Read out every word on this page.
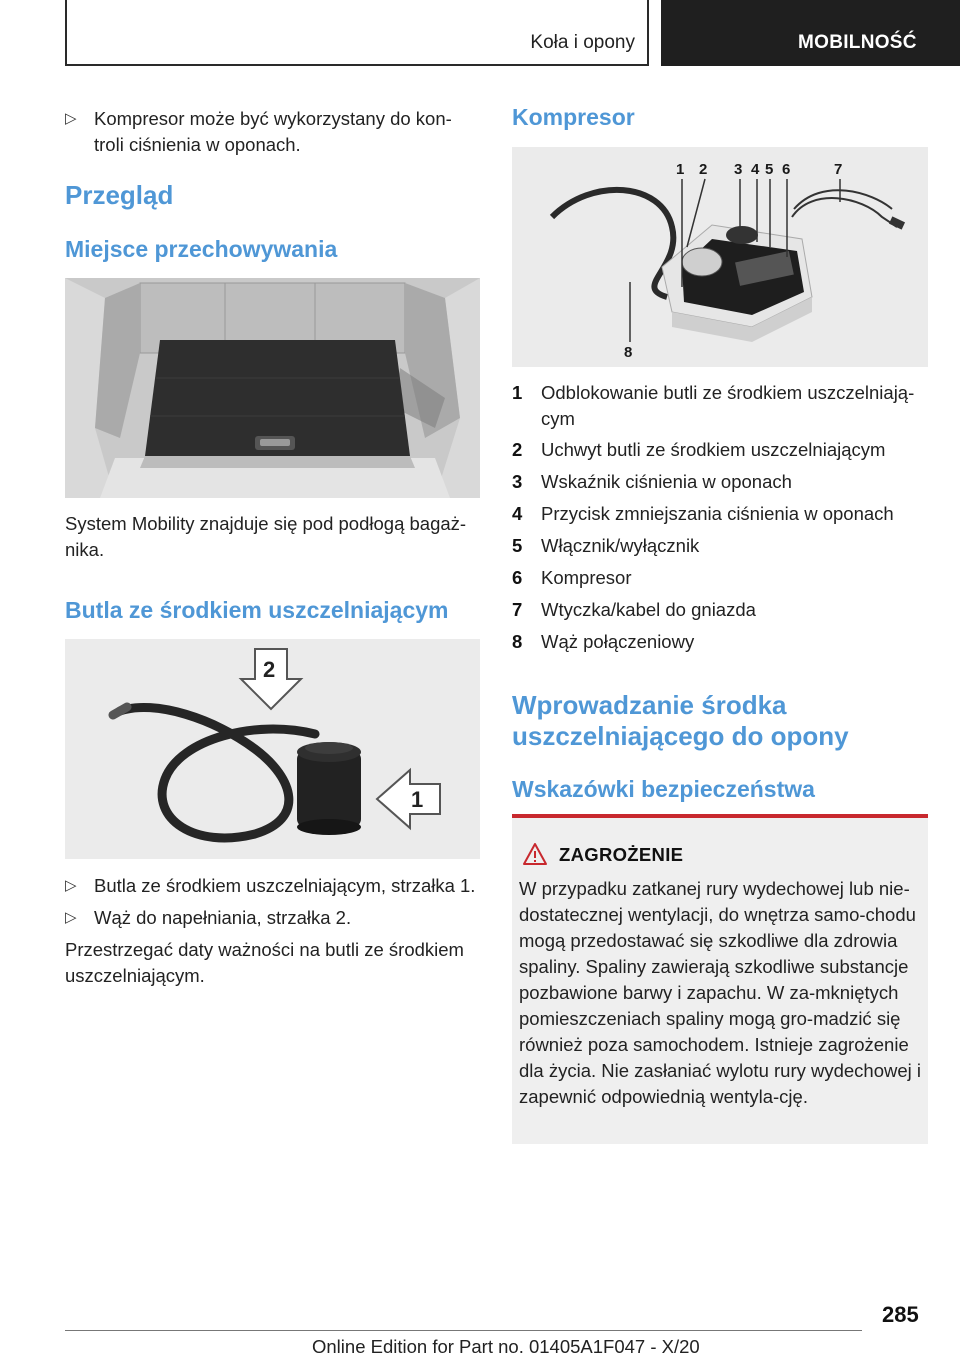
Koła i opony	MOBILNOŚĆ
▷ Kompresor może być wykorzystany do kon-troli ciśnienia w oponach.
Przegląd
Miejsce przechowywania
System Mobility znajduje się pod podłogą bagaż-nika.
Butla ze środkiem uszczelniającym
2
1
▷ Butla ze środkiem uszczelniającym, strzałka 1.
▷ Wąż do napełniania, strzałka 2.
Przestrzegać daty ważności na butli ze środkiem uszczelniającym.
Kompresor
1 2 3 4 5 6	7
8
1	Odblokowanie butli ze środkiem uszczelniają-cym
2	Uchwyt butli ze środkiem uszczelniającym
3	Wskaźnik ciśnienia w oponach
4	Przycisk zmniejszania ciśnienia w oponach
5	Włącznik/wyłącznik
6	Kompresor
7	Wtyczka/kabel do gniazda
8	Wąż połączeniowy
Wprowadzanie środka uszczelniającego do opony
Wskazówki bezpieczeństwa
ZAGROŻENIE
W przypadku zatkanej rury wydechowej lub nie-dostatecznej wentylacji, do wnętrza samo-chodu mogą przedostawać się szkodliwe dla zdrowia spaliny. Spaliny zawierają szkodliwe substancje pozbawione barwy i zapachu. W za-mkniętych pomieszczeniach spaliny mogą gro-madzić się również poza samochodem. Istnieje zagrożenie dla życia. Nie zasłaniać wylotu rury wydechowej i zapewnić odpowiednią wentyla-cję.
285
Online Edition for Part no. 01405A1F047 - X/20
